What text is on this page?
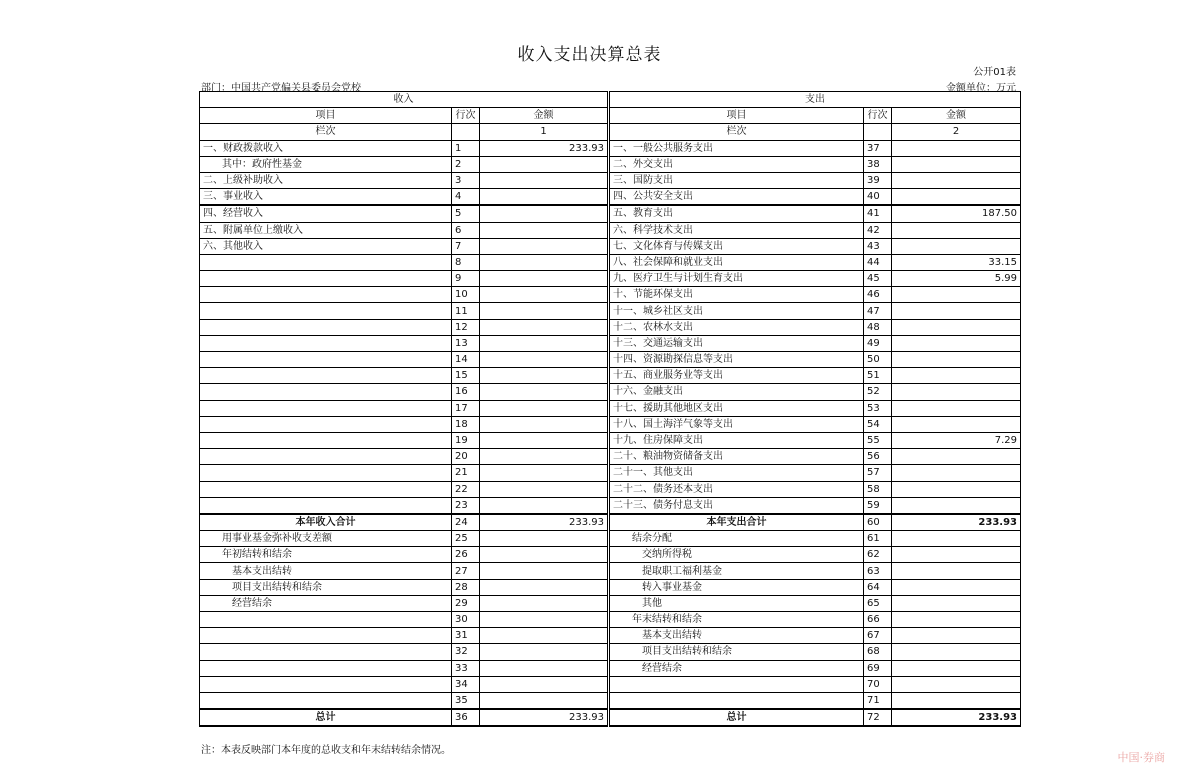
收入支出决算总表
公开01表
部门：中国共产党偏关县委员会党校	金额单位：万元
收入				支出		
项目	行次	金额		项目	行次	金额
栏次		1		栏次		2
一、财政拨款收入	1	233.93		一、一般公共服务支出	37	
其中：政府性基金	2			二、外交支出	38	
二、上级补助收入	3			三、国防支出	39	
三、事业收入	4			四、公共安全支出	40	
四、经营收入	5			五、教育支出	41	187.50
五、附属单位上缴收入	6			六、科学技术支出	42	
六、其他收入	7			七、文化体育与传媒支出	43	
	8			八、社会保障和就业支出	44	33.15
	9			九、医疗卫生与计划生育支出	45	5.99
	10			十、节能环保支出	46	
	11			十一、城乡社区支出	47	
	12			十二、农林水支出	48	
	13			十三、交通运输支出	49	
	14			十四、资源勘探信息等支出	50	
	15			十五、商业服务业等支出	51	
	16			十六、金融支出	52	
	17			十七、援助其他地区支出	53	
	18			十八、国土海洋气象等支出	54	
	19			十九、住房保障支出	55	7.29
	20			二十、粮油物资储备支出	56	
	21			二十一、其他支出	57	
	22			二十二、债务还本支出	58	
	23			二十三、债务付息支出	59	
本年收入合计	24	233.93		本年支出合计	60	233.93
用事业基金弥补收支差额	25			结余分配	61	
年初结转和结余	26			交纳所得税	62	
基本支出结转	27			提取职工福利基金	63	
项目支出结转和结余	28			转入事业基金	64	
经营结余	29			其他	65	
	30			年末结转和结余	66	
	31			基本支出结转	67	
	32			项目支出结转和结余	68	
	33			经营结余	69	
	34				70	
	35				71	
总计	36	233.93		总计	72	233.93
注：本表反映部门本年度的总收支和年末结转结余情况。
中国·券商
